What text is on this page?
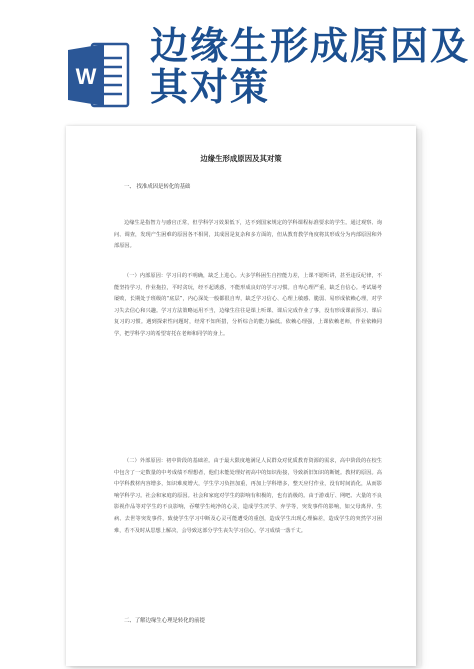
W
边缘生形成原因及
其对策
边缘生形成原因及其对策
一、 找准成因是转化的基础
边缘生是指智力与感官正常，但学科学习效果低下，达不到国家规定的学科课程标准要求的学生。通过观察、询问、调查，发现产生困难的原因各不相同，其成因是复杂和多方面的，但从教育教学角度将其形成分为内部原因和外部原因。
（一）内部原因：学习目的不明确，缺乏上进心。大多学科困生自控能力差，上课不愿听讲，甚至违反纪律，不能坚持学习，作业拖拉，平时贪玩，经不起诱惑，不能形成良好的学习习惯。自卑心理严重，缺乏自信心。考试屡考屡败，长期处于班级的“底层”，内心深处一般都很自卑，缺乏学习信心、心理上敏感、脆弱、易形成依赖心理，对学习失去信心和兴趣。学习方法策略运用不当，边缘生往往是课上听课、课后完成作业了事，没有形成课前预习、课后复习的习惯。遇到探索性问题时，经常不知所措，分析综合的能力偏低。依赖心理强，上课依赖老师，作业依赖同学，把学科学习的希望寄托在老师和同学的身上。
（二）外部原因：初中阶段的基础差。由于最大限度地满足人民群众对优质教育资源的需求，高中阶段的在校生中包含了一定数量的中考成绩不理想者，他们未能处理好初高中的知识衔接，导致新旧知识的断链。教材的原因。高中学科教材内容增多，知识难度增大，学生学习负担加重，再加上学科增多，整天应付作业，没有时间消化，从而影响学科学习。社会和家庭的原因。社会和家庭对学生的影响有积极的，也有消极的。由于游戏厅、网吧、大量的不良影视作品等对学生的不良影响，吞噬学生纯净的心灵，造成学生厌学、弃学等，突发事件的影响，如父母离异、生病、去世等突发事件，致使学生学习中断及心灵可能遭受的重创，造成学生出现心理偏差，造成学生的突然学习困难，若不及时从思想上解决，会导致这部分学生丧失学习信心，学习成绩一落千丈。
二、了解边缘生心理是转化的前提
